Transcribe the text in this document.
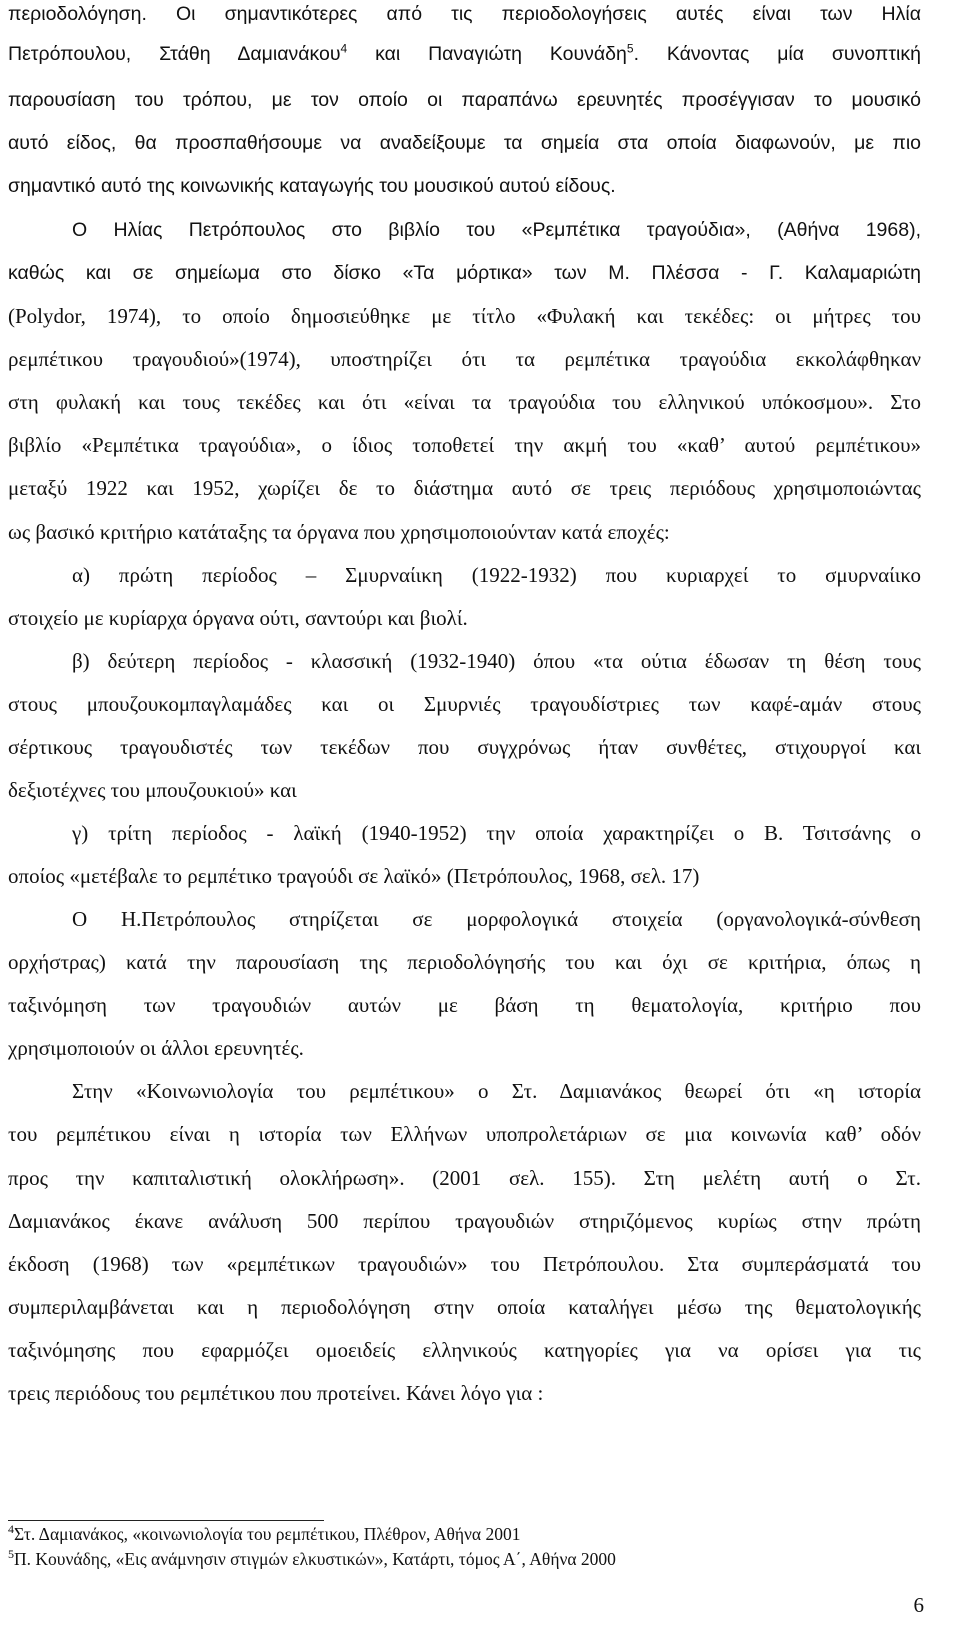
περιοδολόγηση. Οι σημαντικότερες από τις περιοδολογήσεις αυτές είναι των Ηλία
Πετρόπουλου, Στάθη Δαμιανάκου$^4$ και Παναγιώτη Κουνάδη$^5$. Κάνοντας μία συνοπτική
παρουσίαση του τρόπου, με τον οποίο οι παραπάνω ερευνητές προσέγγισαν το μουσικό
αυτό είδος, θα προσπαθήσουμε να αναδείξουμε τα σημεία στα οποία διαφωνούν, με πιο
σημαντικό αυτό της κοινωνικής καταγωγής του μουσικού αυτού είδους.
Ο Ηλίας Πετρόπουλος στο βιβλίο του «Ρεμπέτικα τραγούδια», (Αθήνα 1968),
καθώς και σε σημείωμα στο δίσκο «Τα μόρτικα» των Μ. Πλέσσα - Γ. Καλαμαριώτη
(Polydor, 1974), το οποίο δημοσιεύθηκε με τίτλο «Φυλακή και τεκέδες: οι μήτρες του
ρεμπέτικου τραγουδιού»(1974), υποστηρίζει ότι τα ρεμπέτικα τραγούδια εκκολάφθηκαν
στη φυλακή και τους τεκέδες και ότι «είναι τα τραγούδια του ελληνικού υπόκοσμου». Στο
βιβλίο «Ρεμπέτικα τραγούδια», ο ίδιος τοποθετεί την ακμή του «καθ’ αυτού ρεμπέτικου»
μεταξύ 1922 και 1952, χωρίζει δε το διάστημα αυτό σε τρεις περιόδους χρησιμοποιώντας
ως βασικό κριτήριο κατάταξης τα όργανα που χρησιμοποιούνταν κατά εποχές:
α) πρώτη περίοδος – Σμυρναίικη (1922-1932) που κυριαρχεί το σμυρναίικο
στοιχείο με κυρίαρχα όργανα ούτι, σαντούρι και βιολί.
β) δεύτερη περίοδος - κλασσική (1932-1940) όπου «τα ούτια έδωσαν τη θέση τους
στους μπουζουκομπαγλαμάδες και οι Σμυρνιές τραγουδίστριες των καφέ-αμάν στους
σέρτικους τραγουδιστές των τεκέδων που συγχρόνως ήταν συνθέτες, στιχουργοί και
δεξιοτέχνες του μπουζουκιού» και
γ) τρίτη περίοδος - λαϊκή (1940-1952) την οποία χαρακτηρίζει ο Β. Τσιτσάνης ο
οποίος «μετέβαλε το ρεμπέτικο τραγούδι σε λαϊκό» (Πετρόπουλος, 1968, σελ. 17)
Ο Η.Πετρόπουλος στηρίζεται σε μορφολογικά στοιχεία (οργανολογικά-σύνθεση
ορχήστρας) κατά την παρουσίαση της περιοδολόγησής του και όχι σε κριτήρια, όπως η
ταξινόμηση των τραγουδιών αυτών με βάση τη θεματολογία, κριτήριο που
χρησιμοποιούν οι άλλοι ερευνητές.
Στην «Κοινωνιολογία του ρεμπέτικου» ο Στ. Δαμιανάκος θεωρεί ότι «η ιστορία
του ρεμπέτικου είναι η ιστορία των Ελλήνων υποπρολετάριων σε μια κοινωνία καθ’ οδόν
προς την καπιταλιστική ολοκλήρωση». (2001 σελ. 155). Στη μελέτη αυτή ο Στ.
Δαμιανάκος έκανε ανάλυση 500 περίπου τραγουδιών στηριζόμενος κυρίως στην πρώτη
έκδοση (1968) των «ρεμπέτικων τραγουδιών» του Πετρόπουλου. Στα συμπεράσματά του
συμπεριλαμβάνεται και η περιοδολόγηση στην οποία καταλήγει μέσω της θεματολογικής
ταξινόμησης που εφαρμόζει ομοειδείς ελληνικούς κατηγορίες για να ορίσει για τις
τρεις περιόδους του ρεμπέτικου που προτείνει. Κάνει λόγο για :
$^4$Στ. Δαμιανάκος, «κοινωνιολογία του ρεμπέτικου, Πλέθρον, Αθήνα 2001
$^5$Π. Κουνάδης, «Εις ανάμνησιν στιγμών ελκυστικών», Κατάρτι, τόμος Α΄, Αθήνα 2000
6
